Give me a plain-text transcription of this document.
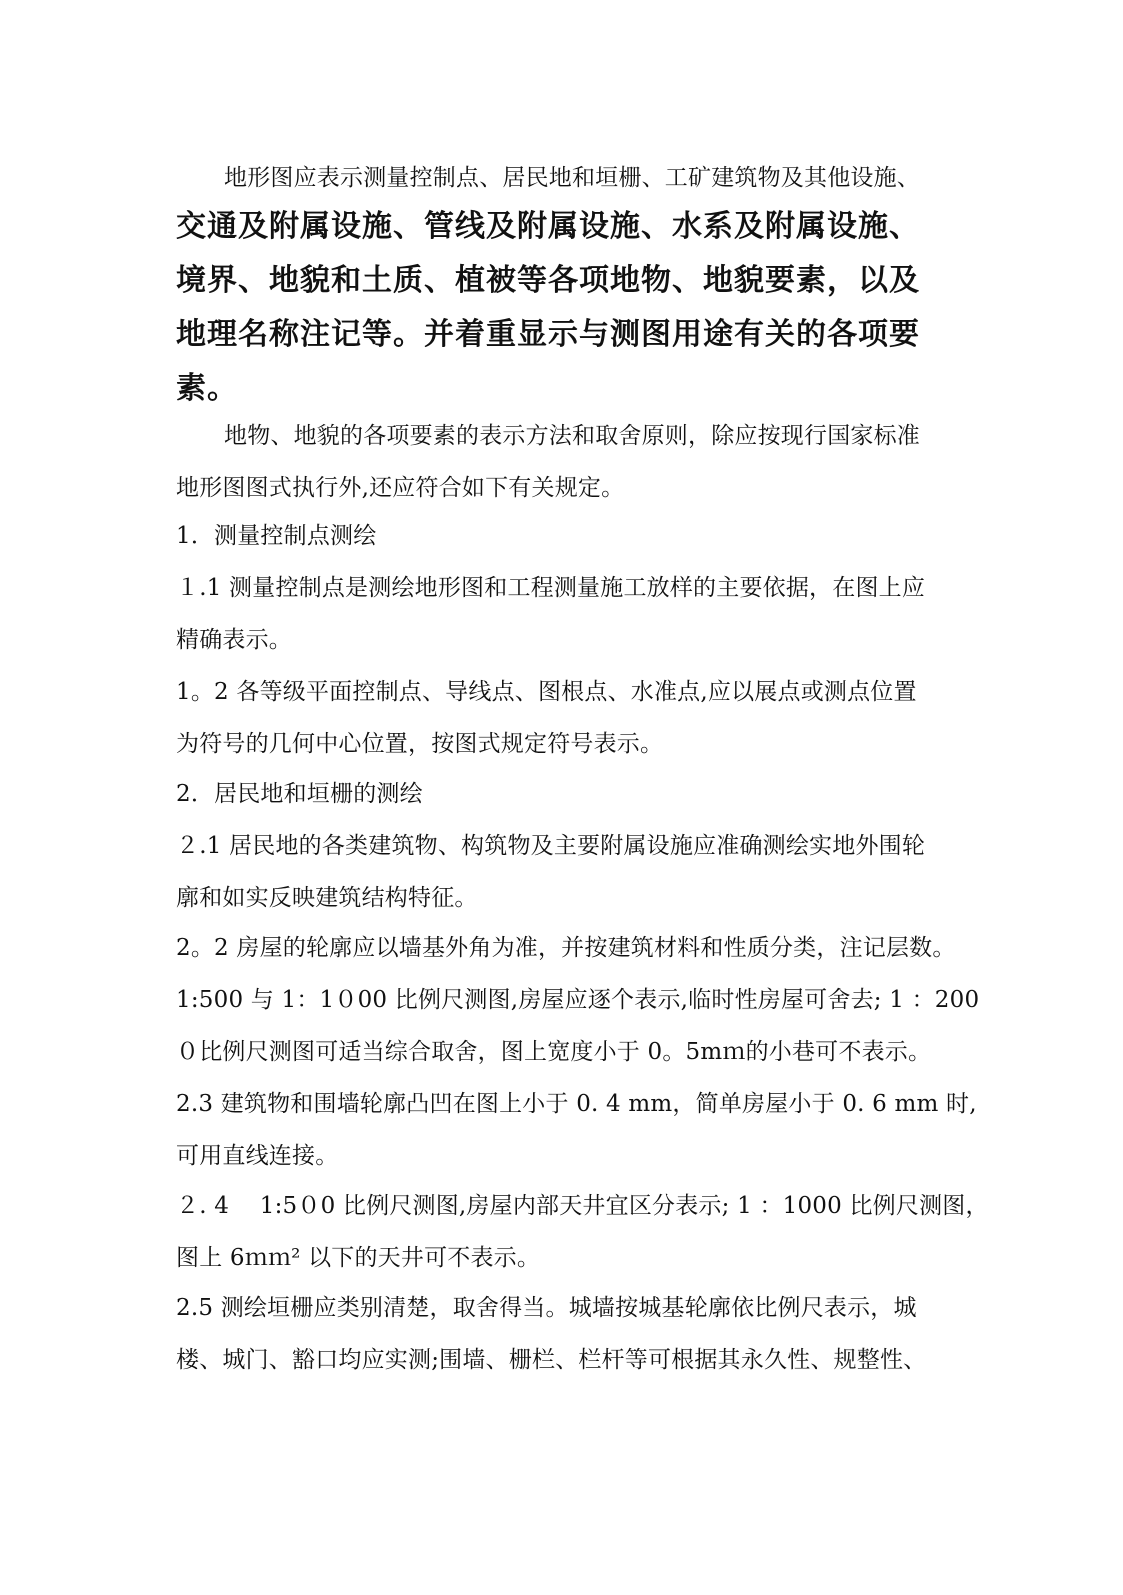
地形图应表示测量控制点、居民地和垣栅、工矿建筑物及其他设施、

交通及附属设施、管线及附属设施、水系及附属设施、
境界、地貌和土质、植被等各项地物、地貌要素，以及
地理名称注记等。并着重显示与测图用途有关的各项要
素。

地物、地貌的各项要素的表示方法和取舍原则，除应按现行国家标准
地形图图式执行外,还应符合如下有关规定。

1．测量控制点测绘

１.1 测量控制点是测绘地形图和工程测量施工放样的主要依据，在图上应
精确表示。

1。2 各等级平面控制点、导线点、图根点、水准点,应以展点或测点位置
为符号的几何中心位置，按图式规定符号表示。

2．居民地和垣栅的测绘

２.1 居民地的各类建筑物、构筑物及主要附属设施应准确测绘实地外围轮
廓和如实反映建筑结构特征。

2。2 房屋的轮廓应以墙基外角为准，并按建筑材料和性质分类，注记层数。
1:500 与 1：1０00 比例尺测图,房屋应逐个表示,临时性房屋可舍去; 1 ：200
０比例尺测图可适当综合取舍，图上宽度小于 0。5mｍ的小巷可不表示。

2.3 建筑物和围墙轮廓凸凹在图上小于 0. 4 mm，简单房屋小于 0. 6 mm 时,
可用直线连接。

２. 4　 1:5０0 比例尺测图,房屋内部天井宜区分表示; 1 ：1000 比例尺测图，
图上 6ｍｍ² 以下的天井可不表示。

2.5 测绘垣栅应类别清楚，取舍得当。城墙按城基轮廓依比例尺表示，城
楼、城门、豁口均应实测;围墙、栅栏、栏杆等可根据其永久性、规整性、
